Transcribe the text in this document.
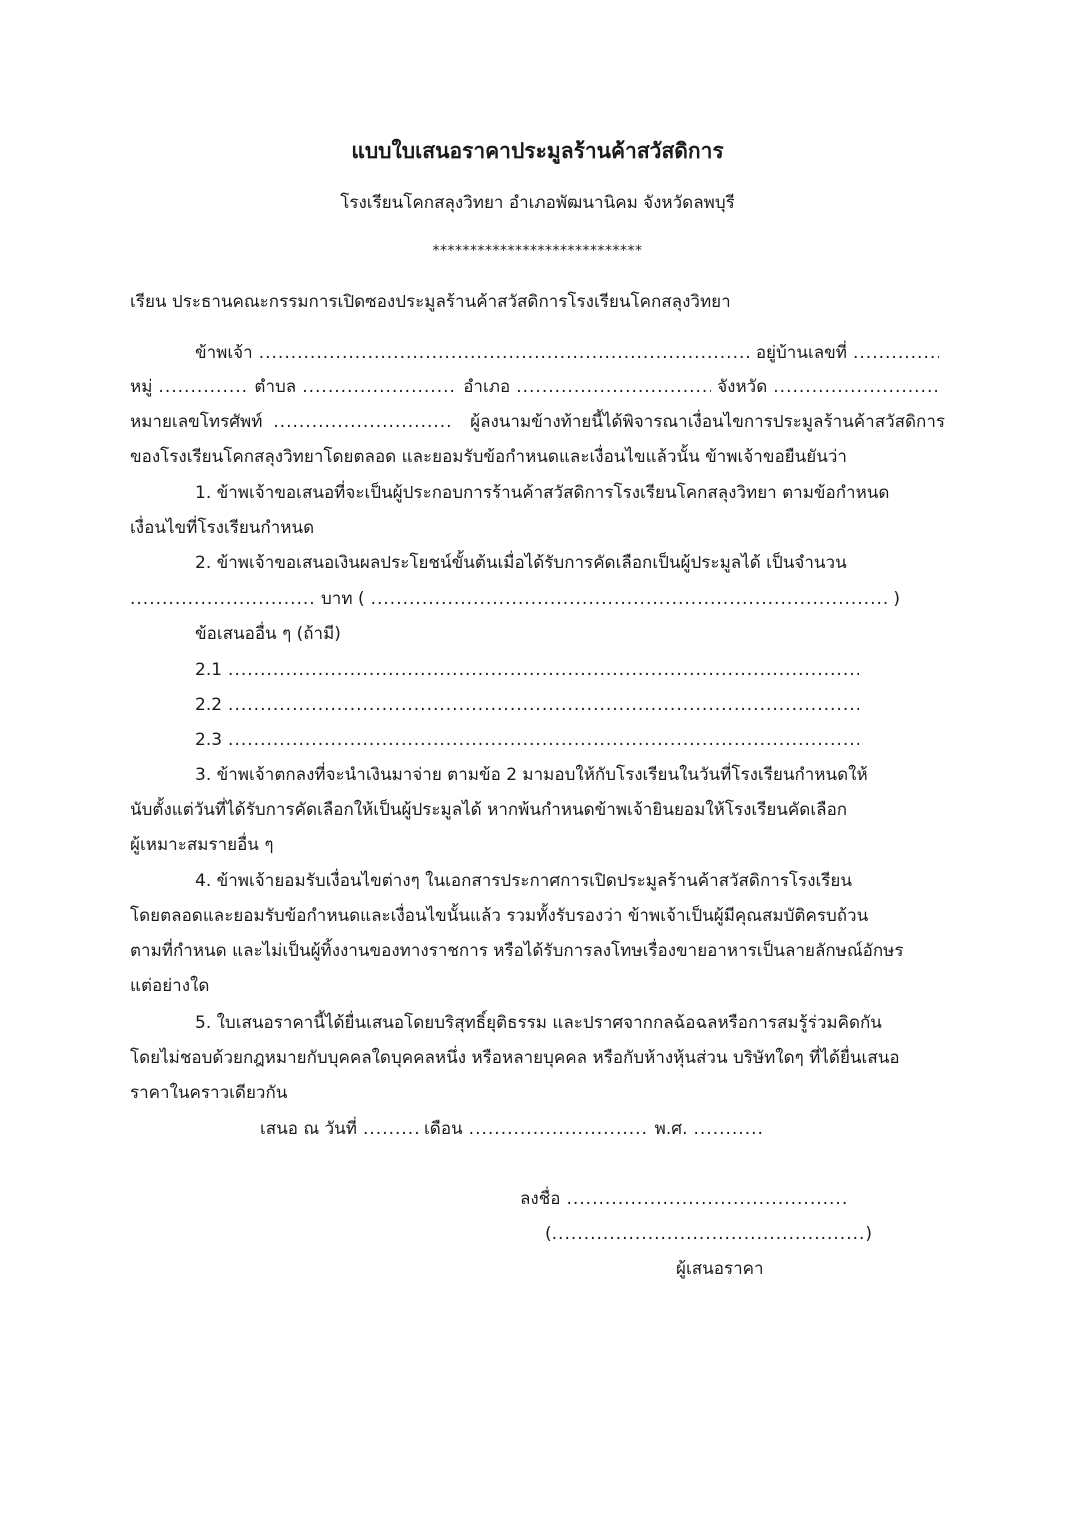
แบบใบเสนอราคาประมูลร้านค้าสวัสดิการ
โรงเรียนโคกสลุงวิทยา อำเภอพัฒนานิคม จังหวัดลพบุรี
****************************
เรียน ประธานคณะกรรมการเปิดซองประมูลร้านค้าสวัสดิการโรงเรียนโคกสลุงวิทยา
ข้าพเจ้า .....	อยู่บ้านเลขที่
.....
หมู่ .....	ตำบล .....	อำเภอ .....	จังหวัด
.....
หมายเลขโทรศัพท์ .....	ผู้ลงนามข้างท้ายนี้ได้พิจารณาเงื่อนไขการประมูลร้านค้าสวัสดิการ
ของโรงเรียนโคกสลุงวิทยาโดยตลอด และยอมรับข้อกำหนดและเงื่อนไขแล้วนั้น ข้าพเจ้าขอยืนยันว่า
1. ข้าพเจ้าขอเสนอที่จะเป็นผู้ประกอบการร้านค้าสวัสดิการโรงเรียนโคกสลุงวิทยา ตามข้อกำหนด
เงื่อนไขที่โรงเรียนกำหนด
2. ข้าพเจ้าขอเสนอเงินผลประโยชน์ขั้นต้นเมื่อได้รับการคัดเลือกเป็นผู้ประมูลได้ เป็นจำนวน
.....
บาท ( .....	)
ข้อเสนออื่น ๆ (ถ้ามี)
2.1
.....
2.2
.....
2.3
.....
3. ข้าพเจ้าตกลงที่จะนำเงินมาจ่าย ตามข้อ 2 มามอบให้กับโรงเรียนในวันที่โรงเรียนกำหนดให้
นับตั้งแต่วันที่ได้รับการคัดเลือกให้เป็นผู้ประมูลได้ หากพ้นกำหนดข้าพเจ้ายินยอมให้โรงเรียนคัดเลือก
ผู้เหมาะสมรายอื่น ๆ
4. ข้าพเจ้ายอมรับเงื่อนไขต่างๆ ในเอกสารประกาศการเปิดประมูลร้านค้าสวัสดิการโรงเรียน
โดยตลอดและยอมรับข้อกำหนดและเงื่อนไขนั้นแล้ว รวมทั้งรับรองว่า ข้าพเจ้าเป็นผู้มีคุณสมบัติครบถ้วน
ตามที่กำหนด และไม่เป็นผู้ทิ้งงานของทางราชการ หรือได้รับการลงโทษเรื่องขายอาหารเป็นลายลักษณ์อักษร
แต่อย่างใด
5. ใบเสนอราคานี้ได้ยื่นเสนอโดยบริสุทธิ์ยุติธรรม และปราศจากกลฉ้อฉลหรือการสมรู้ร่วมคิดกัน
โดยไม่ชอบด้วยกฎหมายกับบุคคลใดบุคคลหนึ่ง หรือหลายบุคคล หรือกับห้างหุ้นส่วน บริษัทใดๆ ที่ได้ยื่นเสนอ
ราคาในคราวเดียวกัน
เสนอ ณ วันที่ .....	เดือน .....	พ.ศ.
.....
ลงชื่อ
.....
( .....	)
ผู้เสนอราคา
